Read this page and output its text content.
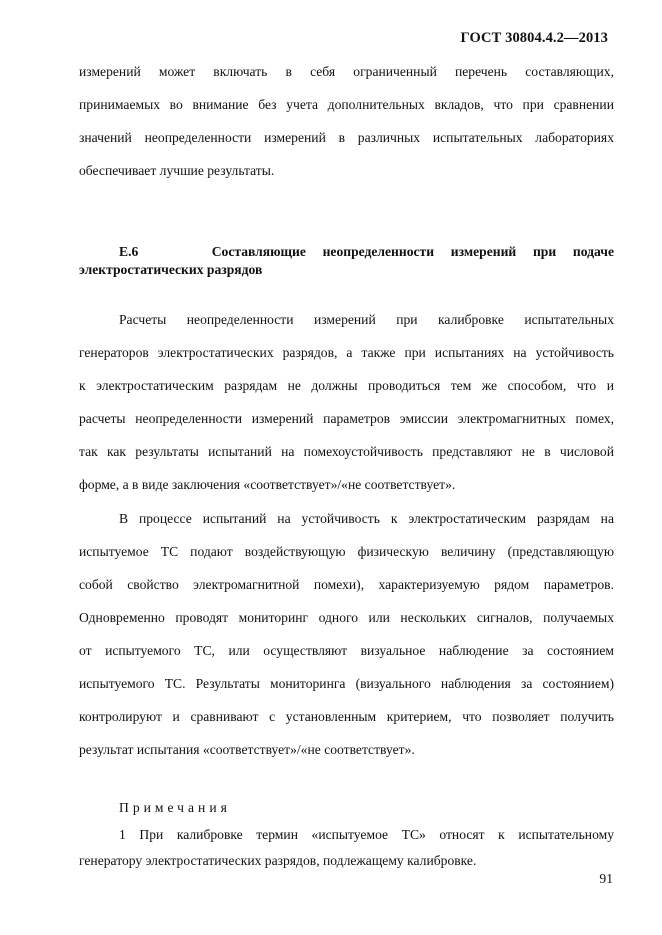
ГОСТ 30804.4.2—2013
измерений может включать в себя ограниченный перечень составляющих,
принимаемых во внимание без учета дополнительных вкладов, что при сравнении
значений неопределенности измерений в различных испытательных лабораториях
обеспечивает лучшие результаты.
Е.6	Составляющие неопределенности измерений при подаче
электростатических разрядов
Расчеты неопределенности измерений при калибровке испытательных
генераторов электростатических разрядов, а также при испытаниях на устойчивость
к электростатическим разрядам не должны проводиться тем же способом, что и
расчеты неопределенности измерений параметров эмиссии электромагнитных помех,
так как результаты испытаний на помехоустойчивость представляют не в числовой
форме, а в виде заключения «соответствует»/«не соответствует».
В процессе испытаний на устойчивость к электростатическим разрядам на
испытуемое ТС подают воздействующую физическую величину (представляющую
собой свойство электромагнитной помехи), характеризуемую рядом параметров.
Одновременно проводят мониторинг одного или нескольких сигналов, получаемых
от испытуемого ТС, или осуществляют визуальное наблюдение за состоянием
испытуемого ТС. Результаты мониторинга (визуального наблюдения за состоянием)
контролируют и сравнивают с установленным критерием, что позволяет получить
результат испытания «соответствует»/«не соответствует».
Примечания
1 При калибровке термин «испытуемое ТС» относят к испытательному
генератору электростатических разрядов, подлежащему калибровке.
91
